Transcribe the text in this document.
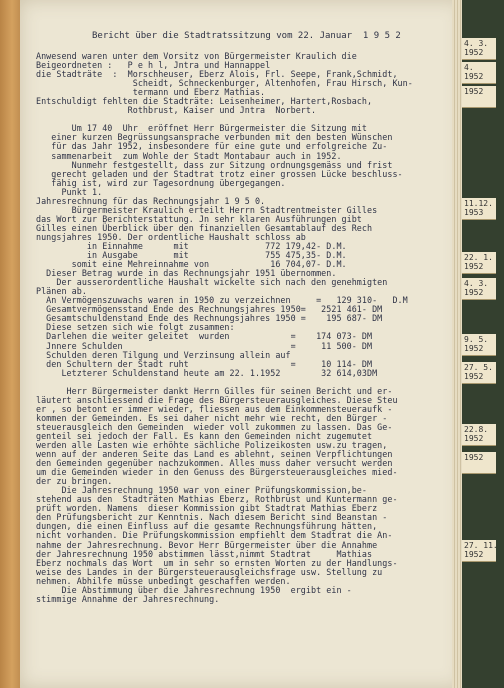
4. 3.
1952
4.
1952
1952
11.12.
1953
22. 1.
1952
4. 3.
1952
9. 5.
1952
27. 5.
1952
22.8.
1952
1952
27. 11.
1952
Bericht über die Stadtratssitzung vom 22. Januar  1 9 5 2
Anwesend waren unter dem Vorsitz von Bürgermeister Kraulich die
Beigeordneten :   P e h l, Jntra und Hannappel
die Stadträte  :  Morschheuser, Eberz Alois, Frl. Seepe, Frank,Schmidt,
Scheidt, Schneckenburger, Altenhofen, Frau Hirsch, Kun-
termann und Eberz Mathias.
Entschuldigt fehlten die Stadträte: Leisenheimer, Hartert,Rosbach,
Rothbrust, Kaiser und Jntra  Norbert.
Um 17 40  Uhr  eröffnet Herr Bürgermeister die Sitzung mit
einer kurzen Begrüssungsansprache verbunden mit den besten Wünschen
für das Jahr 1952, insbesondere für eine gute und erfolgreiche Zu-
sammenarbeit  zum Wohle der Stadt Montabaur auch in 1952.
Nunmehr festgestellt, dass zur Sitzung ordnungsgemäss und frist
gerecht geladen und der Stadtrat trotz einer grossen Lücke beschluss-
fähig ist, wird zur Tagesordnung übergegangen.
Punkt 1.
Jahresrechnung für das Rechnungsjahr 1 9 5 0.
Bürgermeister Kraulich erteilt Herrn Stadtrentmeister Gilles
das Wort zur Berichterstattung. Jn sehr klaren Ausführungen gibt
Gilles einen Überblick über den finanziellen Gesamtablauf des Rech
nungsjahres 1950. Der ordentliche Haushalt schloss ab
in Einnahme      mit               772 179,42- D.M.
in Ausgabe       mit               755 475,35- D.M.
somit eine Mehreinnahme von            16 704,07- D.M.
Dieser Betrag wurde in das Rechnungsjahr 1951 übernommen.
Der ausserordentliche Haushalt wickelte sich nach den genehmigten
Plänen ab.
An Vermögenszuwachs waren in 1950 zu verzeichnen     =   129 310-   D.M
Gesamtvermögensstand Ende des Rechnungsjahres 1950=   2521 461- DM
Gesamtschuldenstand Ende des Rechnungsjahres 1950 =    195 687- DM
Diese setzen sich wie folgt zusammen:
Darlehen die weiter geleitet  wurden            =    174 073- DM
Jnnere Schulden                                 =     11 500- DM
Schulden deren Tilgung und Verzinsung allein auf
den Schultern der Stadt ruht                    =     10 114- DM
Letzterer Schuldenstand heute am 22. 1.1952        32 614,03DM
Herr Bürgermeister dankt Herrn Gilles für seinen Bericht und er-
läutert anschliessend die Frage des Bürgersteuerausgleiches. Diese Steu
er , so betont er immer wieder, fliessen aus dem Einkommensteueraufk -
kommen der Gemeinden. Es sei daher nicht mehr wie recht, den Bürger -
steuerausgleich den Gemeinden  wieder voll zukommen zu lassen. Das Ge-
genteil sei jedoch der Fall. Es kann den Gemeinden nicht zugemutet
werden alle Lasten wie erhöhte sächliche Polizeikosten usw.zu tragen,
wenn auf der anderen Seite das Land es ablehnt, seinen Verpflichtungen
den Gemeinden gegenüber nachzukommen. Alles muss daher versucht werden
um die Gemeinden wieder in den Genuss des Bürgersteuerausgleiches mied-
der zu bringen.
Die Jahresrechnung 1950 war von einer Prüfungskommission,be-
stehend aus den  Stadträten Mathias Eberz, Rothbrust und Kuntermann ge-
prüft worden. Namens  dieser Kommission gibt Stadtrat Mathias Eberz
den Prüfungsbericht zur Kenntnis. Nach diesem Bericht sind Beanstan -
dungen, die einen Einfluss auf die gesamte Rechnungsführung hätten,
nicht vorhanden. Die Prüfungskommission empfiehlt dem Stadtrat die An-
nahme der Jahresrechnung. Bevor Herr Bürgermeister über die Annahme
der Jahresrechnung 1950 abstimmen lässt,nimmt Stadtrat     Mathias
Eberz nochmals das Wort  um in sehr so ernsten Worten zu der Handlungs-
weise des Landes in der Bürgersteuerausgleichsfrage usw. Stellung zu
nehmen. Abhilfe müsse unbedingt geschaffen werden.
Die Abstimmung über die Jahresrechnung 1950  ergibt ein -
stimmige Annahme der Jahresrechnung.
